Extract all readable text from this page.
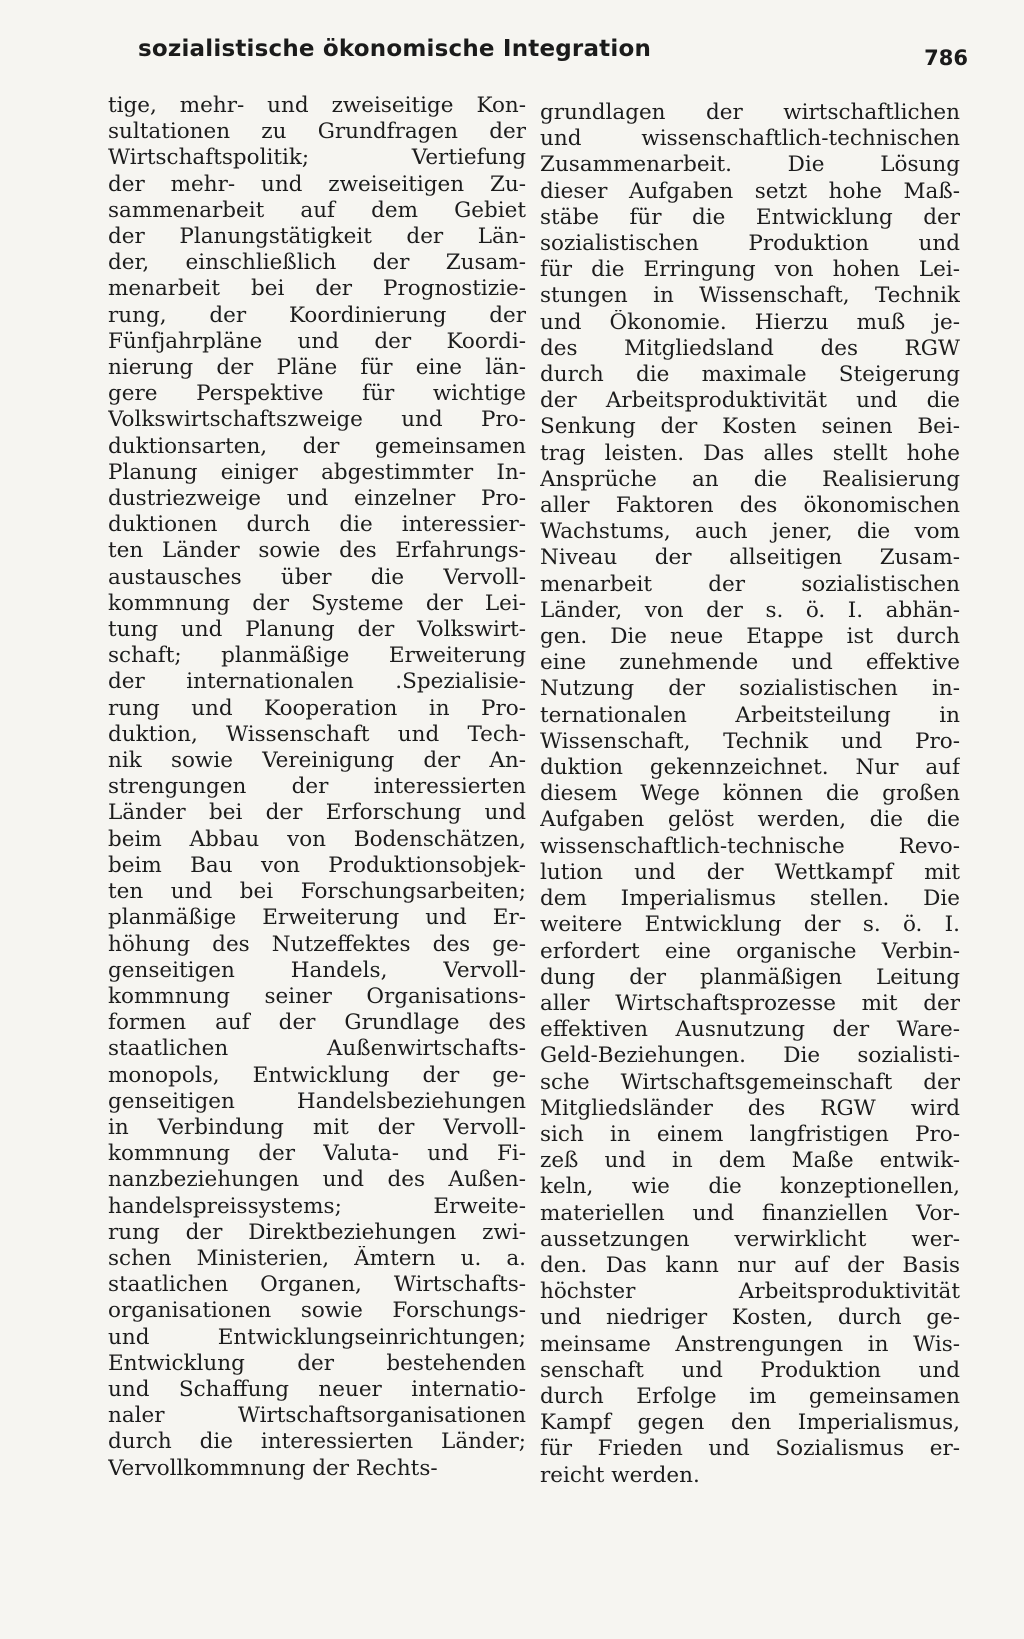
sozialistische ökonomische Integration	786
tige, mehr- und zweiseitige Kon-
sultationen zu Grundfragen der
Wirtschaftspolitik; Vertiefung
der mehr- und zweiseitigen Zu-
sammenarbeit auf dem Gebiet
der Planungstätigkeit der Län-
der, einschließlich der Zusam-
menarbeit bei der Prognostizie-
rung, der Koordinierung der
Fünfjahrpläne und der Koordi-
nierung der Pläne für eine län-
gere Perspektive für wichtige
Volkswirtschaftszweige und Pro-
duktionsarten, der gemeinsamen
Planung einiger abgestimmter In-
dustriezweige und einzelner Pro-
duktionen durch die interessier-
ten Länder sowie des Erfahrungs-
austausches über die Vervoll-
kommnung der Systeme der Lei-
tung und Planung der Volkswirt-
schaft; planmäßige Erweiterung
der internationalen .Spezialisie-
rung und Kooperation in Pro-
duktion, Wissenschaft und Tech-
nik sowie Vereinigung der An-
strengungen der interessierten
Länder bei der Erforschung und
beim Abbau von Bodenschätzen,
beim Bau von Produktionsobjek-
ten und bei Forschungsarbeiten;
planmäßige Erweiterung und Er-
höhung des Nutzeffektes des ge-
genseitigen Handels, Vervoll-
kommnung seiner Organisations-
formen auf der Grundlage des
staatlichen Außenwirtschafts-
monopols, Entwicklung der ge-
genseitigen Handelsbeziehungen
in Verbindung mit der Vervoll-
kommnung der Valuta- und Fi-
nanzbeziehungen und des Außen-
handelspreissystems; Erweite-
rung der Direktbeziehungen zwi-
schen Ministerien, Ämtern u. a.
staatlichen Organen, Wirtschafts-
organisationen sowie Forschungs-
und Entwicklungseinrichtungen;
Entwicklung der bestehenden
und Schaffung neuer internatio-
naler Wirtschaftsorganisationen
durch die interessierten Länder;
Vervollkommnung der Rechts-
grundlagen der wirtschaftlichen
und wissenschaftlich-technischen
Zusammenarbeit. Die Lösung
dieser Aufgaben setzt hohe Maß-
stäbe für die Entwicklung der
sozialistischen Produktion und
für die Erringung von hohen Lei-
stungen in Wissenschaft, Technik
und Ökonomie. Hierzu muß je-
des Mitgliedsland des RGW
durch die maximale Steigerung
der Arbeitsproduktivität und die
Senkung der Kosten seinen Bei-
trag leisten. Das alles stellt hohe
Ansprüche an die Realisierung
aller Faktoren des ökonomischen
Wachstums, auch jener, die vom
Niveau der allseitigen Zusam-
menarbeit der sozialistischen
Länder, von der s. ö. I. abhän-
gen. Die neue Etappe ist durch
eine zunehmende und effektive
Nutzung der sozialistischen in-
ternationalen Arbeitsteilung in
Wissenschaft, Technik und Pro-
duktion gekennzeichnet. Nur auf
diesem Wege können die großen
Aufgaben gelöst werden, die die
wissenschaftlich-technische Revo-
lution und der Wettkampf mit
dem Imperialismus stellen. Die
weitere Entwicklung der s. ö. I.
erfordert eine organische Verbin-
dung der planmäßigen Leitung
aller Wirtschaftsprozesse mit der
effektiven Ausnutzung der Ware-
Geld-Beziehungen. Die sozialisti-
sche Wirtschaftsgemeinschaft der
Mitgliedsländer des RGW wird
sich in einem langfristigen Pro-
zeß und in dem Maße entwik-
keln, wie die konzeptionellen,
materiellen und finanziellen Vor-
aussetzungen verwirklicht wer-
den. Das kann nur auf der Basis
höchster Arbeitsproduktivität
und niedriger Kosten, durch ge-
meinsame Anstrengungen in Wis-
senschaft und Produktion und
durch Erfolge im gemeinsamen
Kampf gegen den Imperialismus,
für Frieden und Sozialismus er-
reicht werden.
